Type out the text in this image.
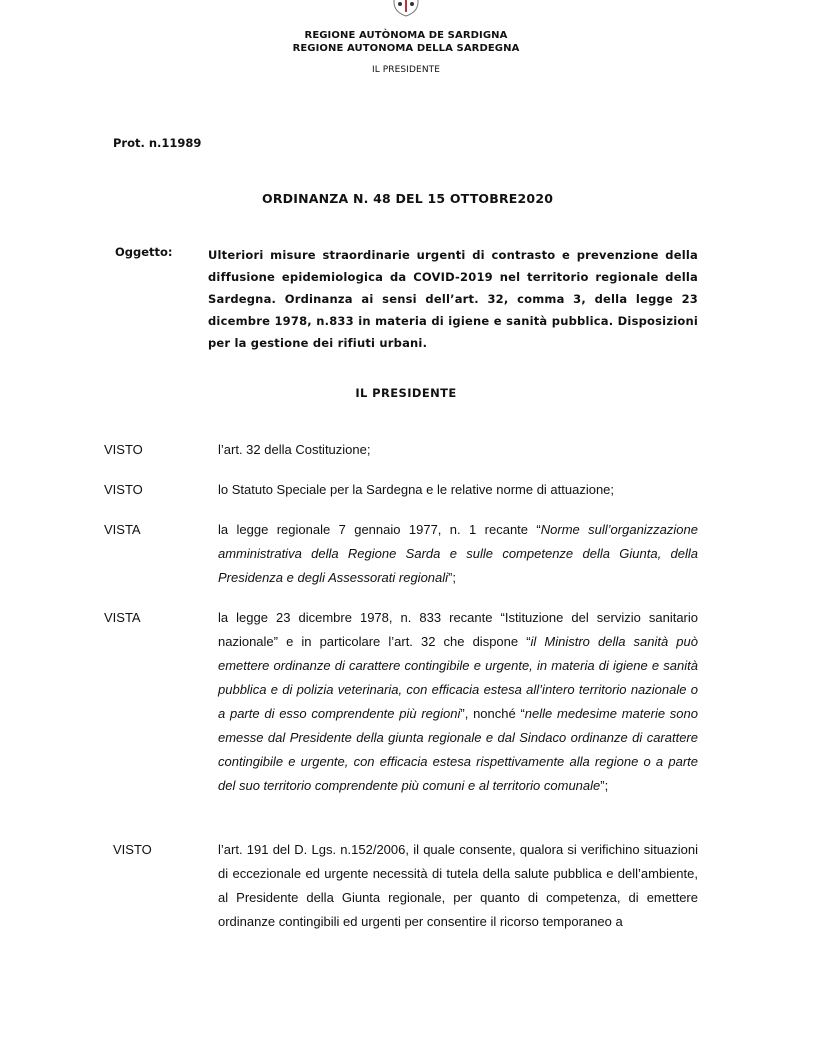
REGIONE AUTÒNOMA DE SARDIGNA
REGIONE AUTONOMA DELLA SARDEGNA
IL PRESIDENTE
Prot. n.11989
ORDINANZA N. 48 DEL 15 OTTOBRE2020
Oggetto:	Ulteriori misure straordinarie urgenti di contrasto e prevenzione della diffusione epidemiologica da COVID-2019 nel territorio regionale della Sardegna. Ordinanza ai sensi dell’art. 32, comma 3, della legge 23 dicembre 1978, n.833 in materia di igiene e sanità pubblica. Disposizioni per la gestione dei rifiuti urbani.
IL PRESIDENTE
VISTO	l’art. 32 della Costituzione;
VISTO	lo Statuto Speciale per la Sardegna e le relative norme di attuazione;
VISTA	la legge regionale 7 gennaio 1977, n. 1 recante “Norme sull’organizzazione amministrativa della Regione Sarda e sulle competenze della Giunta, della Presidenza e degli Assessorati regionali”;
VISTA	la legge 23 dicembre 1978, n. 833 recante “Istituzione del servizio sanitario nazionale” e in particolare l’art. 32 che dispone “il Ministro della sanità può emettere ordinanze di carattere contingibile e urgente, in materia di igiene e sanità pubblica e di polizia veterinaria, con efficacia estesa all’intero territorio nazionale o a parte di esso comprendente più regioni”, nonché “nelle medesime materie sono emesse dal Presidente della giunta regionale e dal Sindaco ordinanze di carattere contingibile e urgente, con efficacia estesa rispettivamente alla regione o a parte del suo territorio comprendente più comuni e al territorio comunale”;
VISTO	l’art. 191 del D. Lgs. n.152/2006, il quale consente, qualora si verifichino situazioni di eccezionale ed urgente necessità di tutela della salute pubblica e dell’ambiente, al Presidente della Giunta regionale, per quanto di competenza, di emettere ordinanze contingibili ed urgenti per consentire il ricorso temporaneo a
